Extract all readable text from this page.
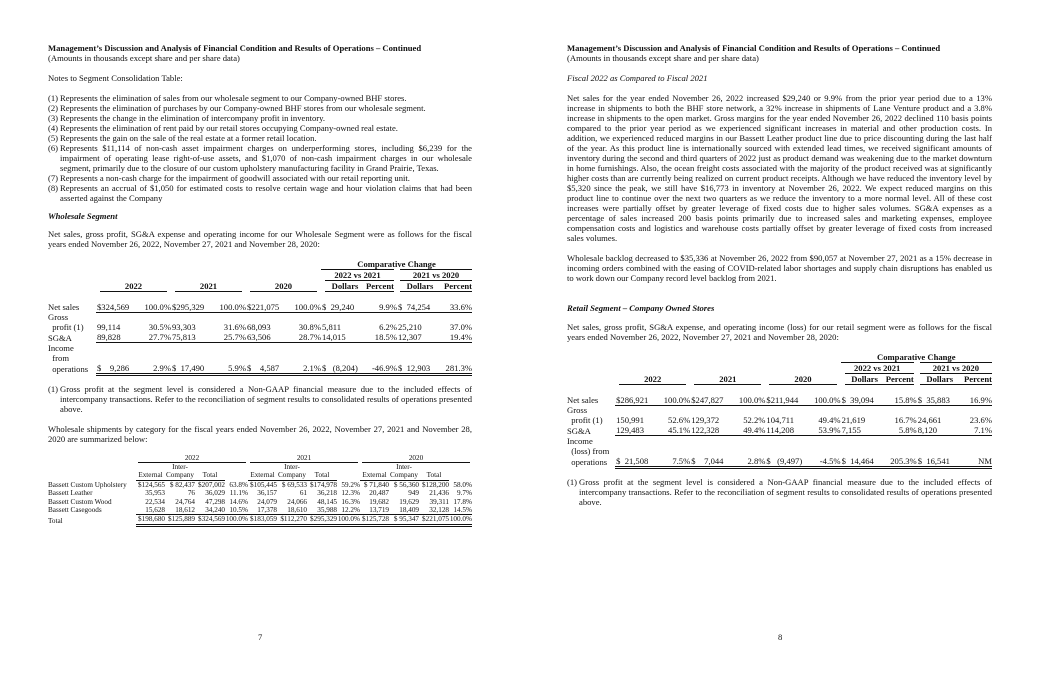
Management’s Discussion and Analysis of Financial Condition and Results of Operations – Continued
(Amounts in thousands except share and per share data)
Notes to Segment Consolidation Table:
(1) Represents the elimination of sales from our wholesale segment to our Company-owned BHF stores.
(2) Represents the elimination of purchases by our Company-owned BHF stores from our wholesale segment.
(3) Represents the change in the elimination of intercompany profit in inventory.
(4) Represents the elimination of rent paid by our retail stores occupying Company-owned real estate.
(5) Represents the gain on the sale of the real estate at a former retail location.
(6) Represents $11,114 of non-cash asset impairment charges on underperforming stores, including $6,239 for the impairment of operating lease right-of-use assets, and $1,070 of non-cash impairment charges in our wholesale segment, primarily due to the closure of our custom upholstery manufacturing facility in Grand Prairie, Texas.
(7) Represents a non-cash charge for the impairment of goodwill associated with our retail reporting unit.
(8) Represents an accrual of $1,050 for estimated costs to resolve certain wage and hour violation claims that had been asserted against the Company
Wholesale Segment
Net sales, gross profit, SG&A expense and operating income for our Wholesale Segment were as follows for the fiscal years ended November 26, 2022, November 27, 2021 and November 28, 2020:
							Comparative Change			
							2022 vs 2021		2021 vs 2020	
	2022		2021		2020		Dollars	Percent	Dollars	Percent

Net sales	$324,569	100.0%	$295,329	100.0%	$221,075	100.0%	$  29,240	9.9%	$  74,254	33.6%
Gross										
profit (1)	99,114	30.5%	93,303	31.6%	68,093	30.8%	5,811	6.2%	25,210	37.0%
SG&A	89,828	27.7%	75,813	25.7%	63,506	28.7%	14,015	18.5%	12,307	19.4%
Income										
from										
operations	$    9,286	2.9%	$  17,490	5.9%	$    4,587	2.1%	$   (8,204)	-46.9%	$  12,903	281.3%
(1) Gross profit at the segment level is considered a Non-GAAP financial measure due to the included effects of intercompany transactions. Refer to the reconciliation of segment results to consolidated results of operations presented above.
Wholesale shipments by category for the fiscal years ended November 26, 2022, November 27, 2021 and November 28, 2020 are summarized below:
	2022				2021				2020			
		Inter-				Inter-				Inter-		
	External	Company	Total		External	Company	Total		External	Company	Total	
Bassett Custom Upholstery	$124,565	$ 82,437	$207,002	63.8%	$105,445	$ 69,533	$174,978	59.2%	$ 71,840	$ 56,360	$128,200	58.0%
Bassett Leather	35,953	76	36,029	11.1%	36,157	61	36,218	12.3%	20,487	949	21,436	9.7%
Bassett Custom Wood	22,534	24,764	47,298	14.6%	24,079	24,066	48,145	16.3%	19,682	19,629	39,311	17.8%
Bassett Casegoods	15,628	18,612	34,240	10.5%	17,378	18,610	35,988	12.2%	13,719	18,409	32,128	14.5%
Total	$198,680	$125,889	$324,569	100.0%	$183,059	$112,270	$295,329	100.0%	$125,728	$ 95,347	$221,075	100.0%
7
Management’s Discussion and Analysis of Financial Condition and Results of Operations – Continued
(Amounts in thousands except share and per share data)
Fiscal 2022 as Compared to Fiscal 2021
Net sales for the year ended November 26, 2022 increased $29,240 or 9.9% from the prior year period due to a 13% increase in shipments to both the BHF store network, a 32% increase in shipments of Lane Venture product and a 3.8% increase in shipments to the open market. Gross margins for the year ended November 26, 2022 declined 110 basis points compared to the prior year period as we experienced significant increases in material and other production costs. In addition, we experienced reduced margins in our Bassett Leather product line due to price discounting during the last half of the year. As this product line is internationally sourced with extended lead times, we received significant amounts of inventory during the second and third quarters of 2022 just as product demand was weakening due to the market downturn in home furnishings. Also, the ocean freight costs associated with the majority of the product received was at significantly higher costs than are currently being realized on current product receipts. Although we have reduced the inventory level by $5,320 since the peak, we still have $16,773 in inventory at November 26, 2022. We expect reduced margins on this product line to continue over the next two quarters as we reduce the inventory to a more normal level. All of these cost increases were partially offset by greater leverage of fixed costs due to higher sales volumes. SG&A expenses as a percentage of sales increased 200 basis points primarily due to increased sales and marketing expenses, employee compensation costs and logistics and warehouse costs partially offset by greater leverage of fixed costs from increased sales volumes.
Wholesale backlog decreased to $35,336 at November 26, 2022 from $90,057 at November 27, 2021 as a 15% decrease in incoming orders combined with the easing of COVID-related labor shortages and supply chain disruptions has enabled us to work down our Company record level backlog from 2021.
Retail Segment – Company Owned Stores
Net sales, gross profit, SG&A expense, and operating income (loss) for our retail segment were as follows for the fiscal years ended November 26, 2022, November 27, 2021 and November 28, 2020:
							Comparative Change			
							2022 vs 2021		2021 vs 2020	
	2022		2021		2020		Dollars	Percent	Dollars	Percent

Net sales	$286,921	100.0%	$247,827	100.0%	$211,944	100.0%	$  39,094	15.8%	$  35,883	16.9%
Gross										
profit (1)	150,991	52.6%	129,372	52.2%	104,711	49.4%	21,619	16.7%	24,661	23.6%
SG&A	129,483	45.1%	122,328	49.4%	114,208	53.9%	7,155	5.8%	8,120	7.1%
Income										
(loss) from										
operations	$  21,508	7.5%	$    7,044	2.8%	$   (9,497)	-4.5%	$  14,464	205.3%	$  16,541	NM
(1) Gross profit at the segment level is considered a Non-GAAP financial measure due to the included effects of intercompany transactions. Refer to the reconciliation of segment results to consolidated results of operations presented above.
8
